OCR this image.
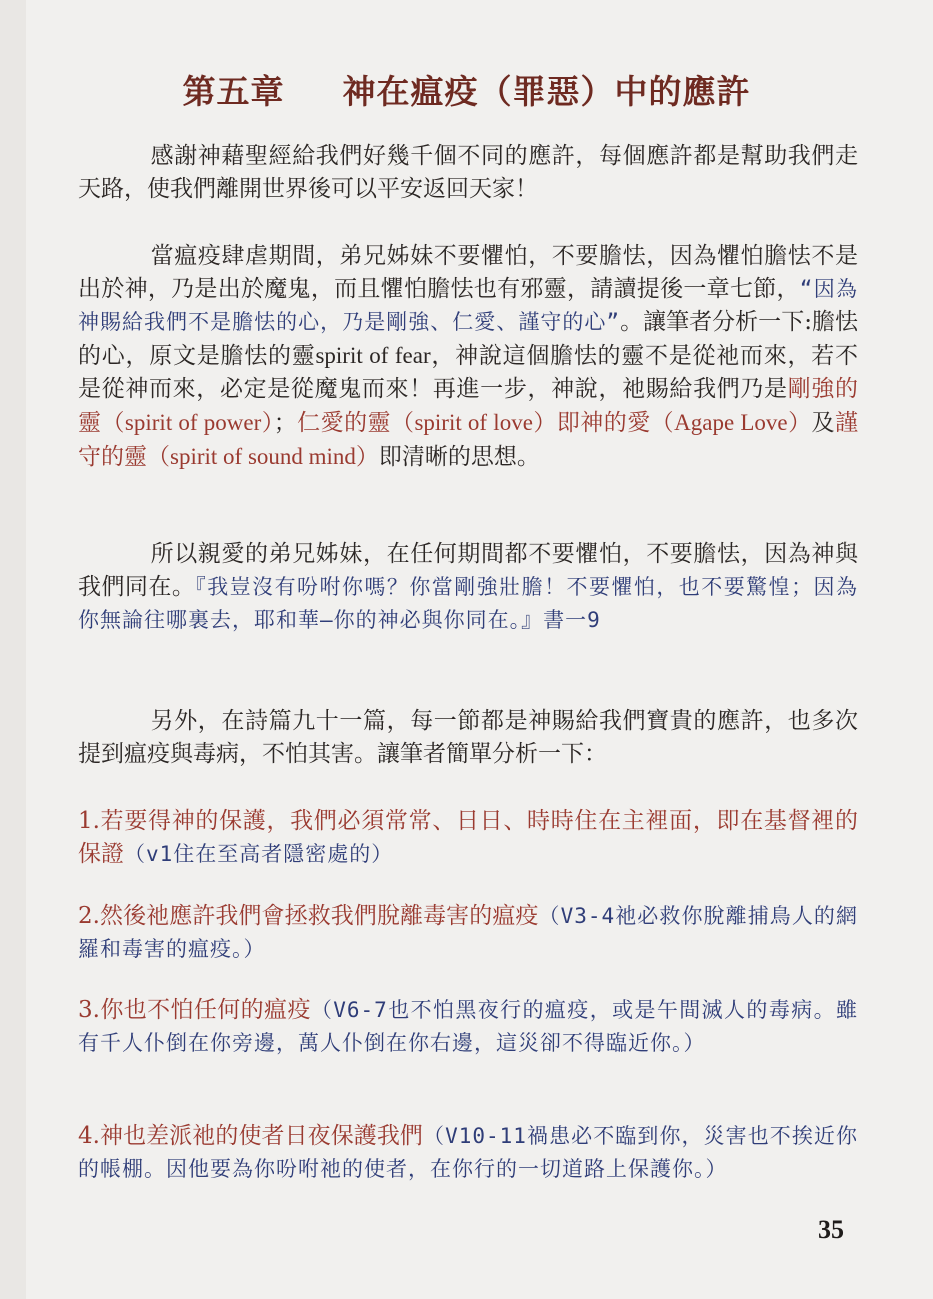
第五章 神在瘟疫（罪惡）中的應許
感謝神藉聖經給我們好幾千個不同的應許，每個應許都是幫助我們走天路，使我們離開世界後可以平安返回天家！
當瘟疫肆虐期間，弟兄姊妹不要懼怕，不要膽怯，因為懼怕膽怯不是出於神，乃是出於魔鬼，而且懼怕膽怯也有邪靈，請讀提後一章七節，“因為神賜給我們不是膽怯的心，乃是剛強、仁愛、謹守的心”。讓筆者分析一下:膽怯的心，原文是膽怯的靈spirit of fear，神說這個膽怯的靈不是從祂而來，若不是從神而來，必定是從魔鬼而來！再進一步，神說，祂賜給我們乃是剛強的靈（spirit of power）；仁愛的靈（spirit of love）即神的愛（Agape Love）及謹守的靈（spirit of sound mind）即清晰的思想。
所以親愛的弟兄姊妹，在任何期間都不要懼怕，不要膽怯，因為神與我們同在。『我豈沒有吩咐你嗎？你當剛強壯膽！不要懼怕，也不要驚惶；因為你無論往哪裏去，耶和華—你的神必與你同在。』書一9
另外，在詩篇九十一篇，每一節都是神賜給我們寶貴的應許，也多次提到瘟疫與毒病，不怕其害。讓筆者簡單分析一下：
1.若要得神的保護，我們必須常常、日日、時時住在主裡面，即在基督裡的保證（v1住在至高者隱密處的）
2.然後祂應許我們會拯救我們脫離毒害的瘟疫（V3-4祂必救你脫離捕鳥人的網羅和毒害的瘟疫。）
3.你也不怕任何的瘟疫（V6-7也不怕黑夜行的瘟疫，或是午間滅人的毒病。雖有千人仆倒在你旁邊，萬人仆倒在你右邊，這災卻不得臨近你。）
4.神也差派祂的使者日夜保護我們（V10-11禍患必不臨到你，災害也不挨近你的帳棚。因他要為你吩咐祂的使者，在你行的一切道路上保護你。）
35
